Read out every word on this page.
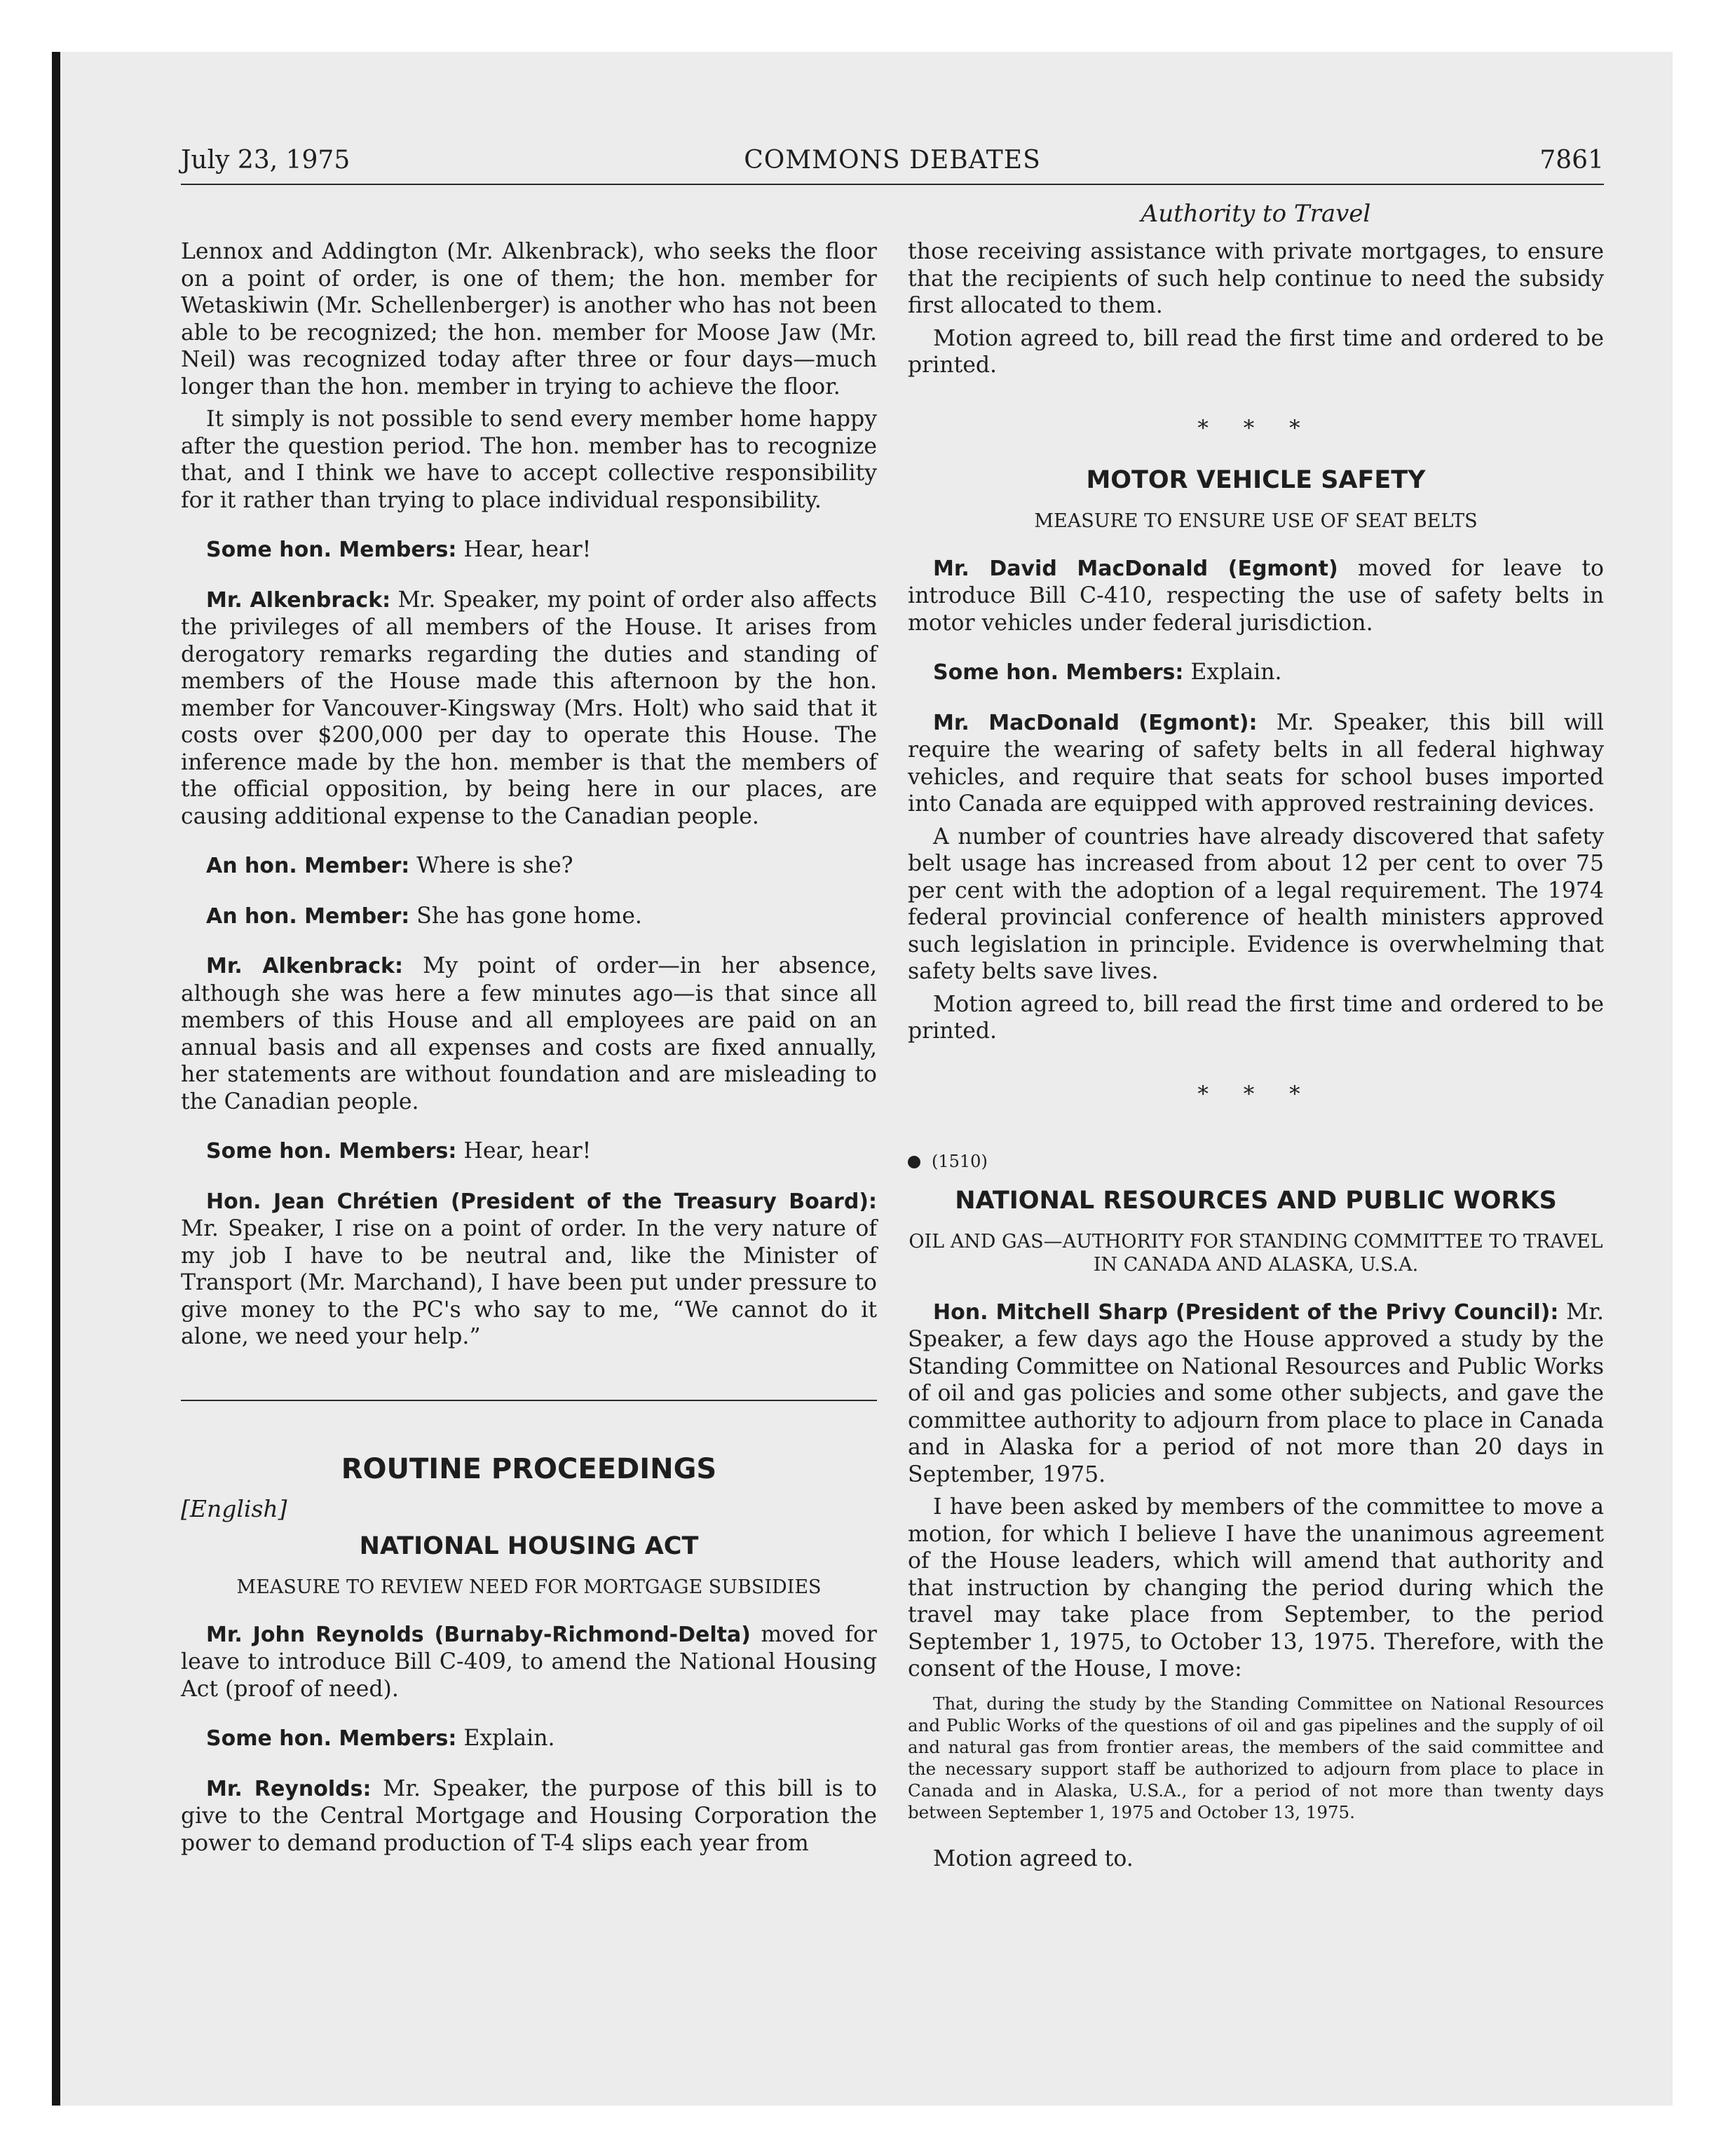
July 23, 1975	COMMONS DEBATES	7861
Authority to Travel

Lennox and Addington (Mr. Alkenbrack), who seeks the floor on a point of order, is one of them; the hon. member for Wetaskiwin (Mr. Schellenberger) is another who has not been able to be recognized; the hon. member for Moose Jaw (Mr. Neil) was recognized today after three or four days—much longer than the hon. member in trying to achieve the floor.

It simply is not possible to send every member home happy after the question period. The hon. member has to recognize that, and I think we have to accept collective responsibility for it rather than trying to place individual responsibility.

Some hon. Members: Hear, hear!

Mr. Alkenbrack: Mr. Speaker, my point of order also affects the privileges of all members of the House. It arises from derogatory remarks regarding the duties and standing of members of the House made this afternoon by the hon. member for Vancouver-Kingsway (Mrs. Holt) who said that it costs over $200,000 per day to operate this House. The inference made by the hon. member is that the members of the official opposition, by being here in our places, are causing additional expense to the Canadian people.

An hon. Member: Where is she?

An hon. Member: She has gone home.

Mr. Alkenbrack: My point of order—in her absence, although she was here a few minutes ago—is that since all members of this House and all employees are paid on an annual basis and all expenses and costs are fixed annually, her statements are without foundation and are misleading to the Canadian people.

Some hon. Members: Hear, hear!

Hon. Jean Chrétien (President of the Treasury Board): Mr. Speaker, I rise on a point of order. In the very nature of my job I have to be neutral and, like the Minister of Transport (Mr. Marchand), I have been put under pressure to give money to the PC's who say to me, “We cannot do it alone, we need your help.”

ROUTINE PROCEEDINGS
[English]
NATIONAL HOUSING ACT
MEASURE TO REVIEW NEED FOR MORTGAGE SUBSIDIES

Mr. John Reynolds (Burnaby-Richmond-Delta) moved for leave to introduce Bill C-409, to amend the National Housing Act (proof of need).

Some hon. Members: Explain.

Mr. Reynolds: Mr. Speaker, the purpose of this bill is to give to the Central Mortgage and Housing Corporation the power to demand production of T-4 slips each year from

those receiving assistance with private mortgages, to ensure that the recipients of such help continue to need the subsidy first allocated to them.

Motion agreed to, bill read the first time and ordered to be printed.

* * *
MOTOR VEHICLE SAFETY
MEASURE TO ENSURE USE OF SEAT BELTS

Mr. David MacDonald (Egmont) moved for leave to introduce Bill C-410, respecting the use of safety belts in motor vehicles under federal jurisdiction.

Some hon. Members: Explain.

Mr. MacDonald (Egmont): Mr. Speaker, this bill will require the wearing of safety belts in all federal highway vehicles, and require that seats for school buses imported into Canada are equipped with approved restraining devices.

A number of countries have already discovered that safety belt usage has increased from about 12 per cent to over 75 per cent with the adoption of a legal requirement. The 1974 federal provincial conference of health ministers approved such legislation in principle. Evidence is overwhelming that safety belts save lives.

Motion agreed to, bill read the first time and ordered to be printed.

* * *
(1510)
NATIONAL RESOURCES AND PUBLIC WORKS
OIL AND GAS—AUTHORITY FOR STANDING COMMITTEE TO TRAVEL IN CANADA AND ALASKA, U.S.A.

Hon. Mitchell Sharp (President of the Privy Council): Mr. Speaker, a few days ago the House approved a study by the Standing Committee on National Resources and Public Works of oil and gas policies and some other subjects, and gave the committee authority to adjourn from place to place in Canada and in Alaska for a period of not more than 20 days in September, 1975.

I have been asked by members of the committee to move a motion, for which I believe I have the unanimous agreement of the House leaders, which will amend that authority and that instruction by changing the period during which the travel may take place from September, to the period September 1, 1975, to October 13, 1975. Therefore, with the consent of the House, I move:

That, during the study by the Standing Committee on National Resources and Public Works of the questions of oil and gas pipelines and the supply of oil and natural gas from frontier areas, the members of the said committee and the necessary support staff be authorized to adjourn from place to place in Canada and in Alaska, U.S.A., for a period of not more than twenty days between September 1, 1975 and October 13, 1975.

Motion agreed to.
